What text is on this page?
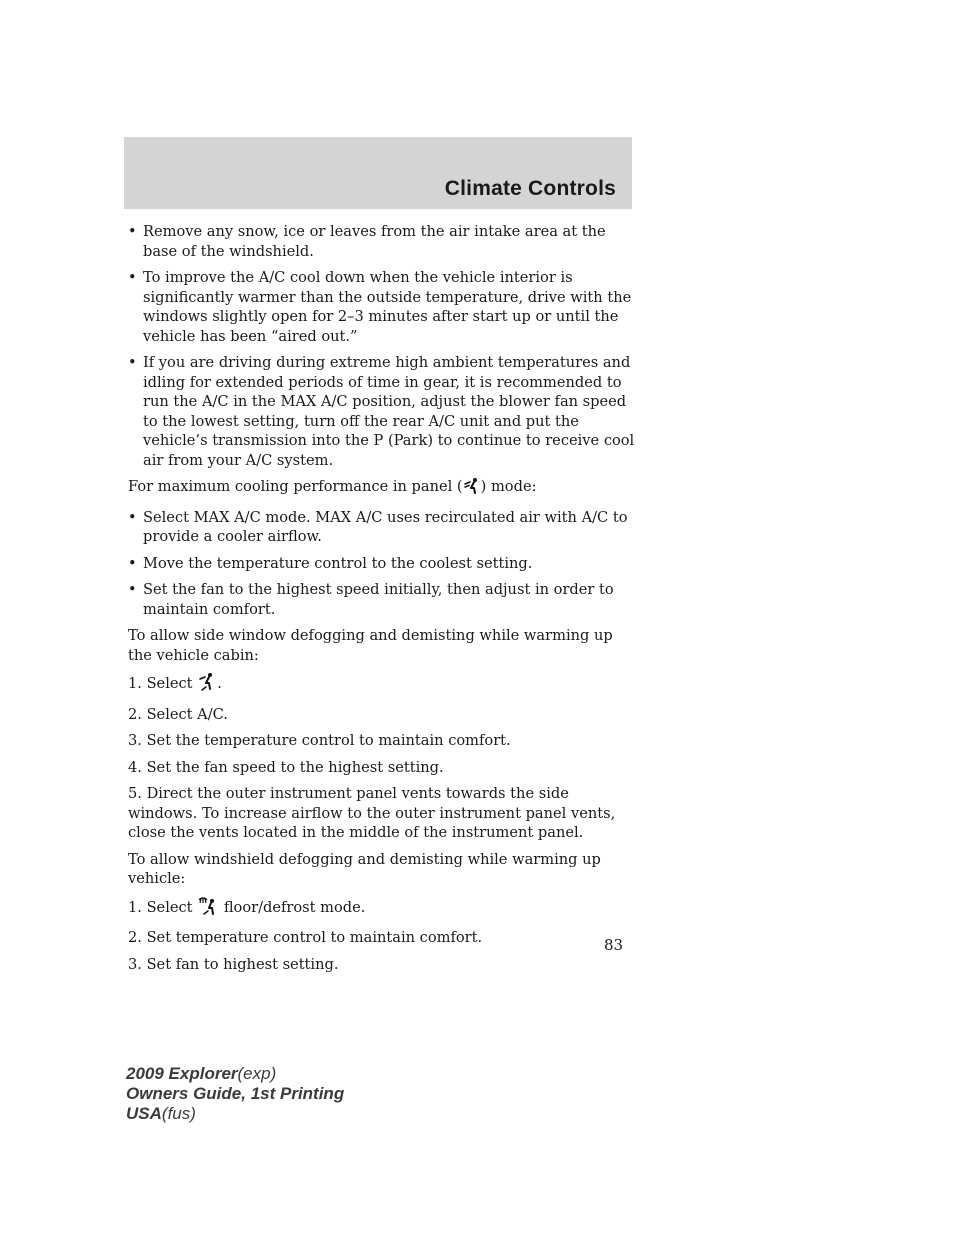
Climate Controls
• Remove any snow, ice or leaves from the air intake area at the base of the windshield.
• To improve the A/C cool down when the vehicle interior is significantly warmer than the outside temperature, drive with the windows slightly open for 2–3 minutes after start up or until the vehicle has been “aired out.”
• If you are driving during extreme high ambient temperatures and idling for extended periods of time in gear, it is recommended to run the A/C in the MAX A/C position, adjust the blower fan speed to the lowest setting, turn off the rear A/C unit and put the vehicle’s transmission into the P (Park) to continue to receive cool air from your A/C system.

For maximum cooling performance in panel ( ) mode:

• Select MAX A/C mode. MAX A/C uses recirculated air with A/C to provide a cooler airflow.
• Move the temperature control to the coolest setting.
• Set the fan to the highest speed initially, then adjust in order to maintain comfort.

To allow side window defogging and demisting while warming up the vehicle cabin:

1. Select .

2. Select A/C.

3. Set the temperature control to maintain comfort.

4. Set the fan speed to the highest setting.

5. Direct the outer instrument panel vents towards the side windows. To increase airflow to the outer instrument panel vents, close the vents located in the middle of the instrument panel.

To allow windshield defogging and demisting while warming up vehicle:

1. Select floor/defrost mode.

2. Set temperature control to maintain comfort.

3. Set fan to highest setting.

83
2009 Explorer(exp)
Owners Guide, 1st Printing
USA(fus)
